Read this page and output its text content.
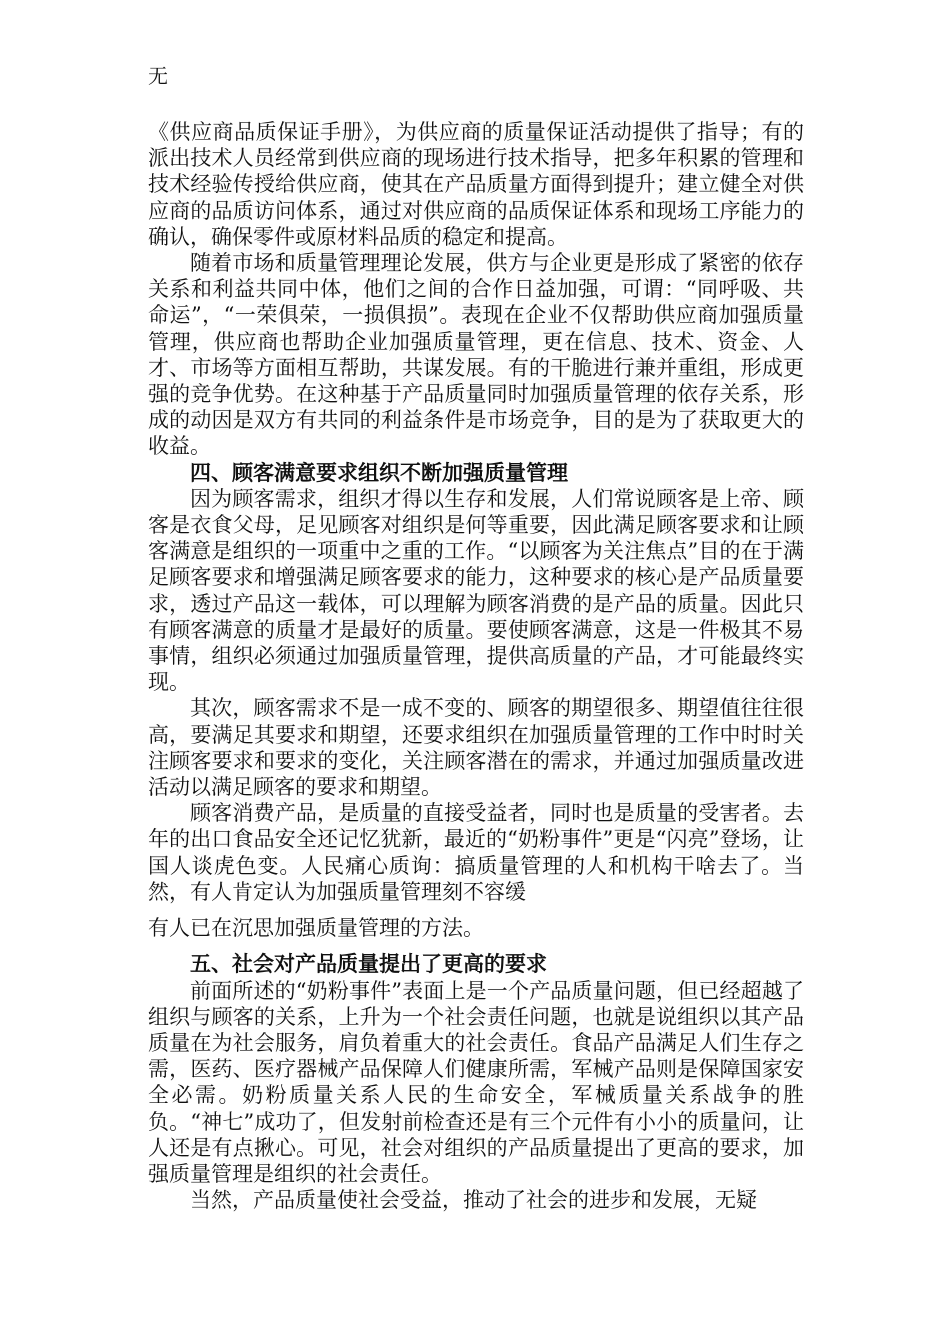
无

《供应商品质保证手册》，为供应商的质量保证活动提供了指导；有的派出技术人员经常到供应商的现场进行技术指导，把多年积累的管理和技术经验传授给供应商，使其在产品质量方面得到提升；建立健全对供应商的品质访问体系，通过对供应商的品质保证体系和现场工序能力的确认，确保零件或原材料品质的稳定和提高。

随着市场和质量管理理论发展，供方与企业更是形成了紧密的依存关系和利益共同中体，他们之间的合作日益加强，可谓：“同呼吸、共命运”，“一荣俱荣，一损俱损”。表现在企业不仅帮助供应商加强质量管理，供应商也帮助企业加强质量管理，更在信息、技术、资金、人才、市场等方面相互帮助，共谋发展。有的干脆进行兼并重组，形成更强的竞争优势。在这种基于产品质量同时加强质量管理的依存关系，形成的动因是双方有共同的利益条件是市场竞争，目的是为了获取更大的收益。

四、顾客满意要求组织不断加强质量管理

因为顾客需求，组织才得以生存和发展，人们常说顾客是上帝、顾客是衣食父母，足见顾客对组织是何等重要，因此满足顾客要求和让顾客满意是组织的一项重中之重的工作。“以顾客为关注焦点”目的在于满足顾客要求和增强满足顾客要求的能力，这种要求的核心是产品质量要求，透过产品这一载体，可以理解为顾客消费的是产品的质量。因此只有顾客满意的质量才是最好的质量。要使顾客满意，这是一件极其不易事情，组织必须通过加强质量管理，提供高质量的产品，才可能最终实现。

其次，顾客需求不是一成不变的、顾客的期望很多、期望值往往很高，要满足其要求和期望，还要求组织在加强质量管理的工作中时时关注顾客要求和要求的变化，关注顾客潜在的需求，并通过加强质量改进活动以满足顾客的要求和期望。

顾客消费产品，是质量的直接受益者，同时也是质量的受害者。去年的出口食品安全还记忆犹新，最近的“奶粉事件”更是“闪亮”登场，让国人谈虎色变。人民痛心质询：搞质量管理的人和机构干啥去了。当然，有人肯定认为加强质量管理刻不容缓

有人已在沉思加强质量管理的方法。

五、社会对产品质量提出了更高的要求

前面所述的“奶粉事件”表面上是一个产品质量问题，但已经超越了组织与顾客的关系，上升为一个社会责任问题，也就是说组织以其产品质量在为社会服务，肩负着重大的社会责任。食品产品满足人们生存之需，医药、医疗器械产品保障人们健康所需，军械产品则是保障国家安全必需。奶粉质量关系人民的生命安全，军械质量关系战争的胜负。“神七”成功了，但发射前检查还是有三个元件有小小的质量问，让人还是有点揪心。可见，社会对组织的产品质量提出了更高的要求，加强质量管理是组织的社会责任。

当然，产品质量使社会受益，推动了社会的进步和发展，无疑
